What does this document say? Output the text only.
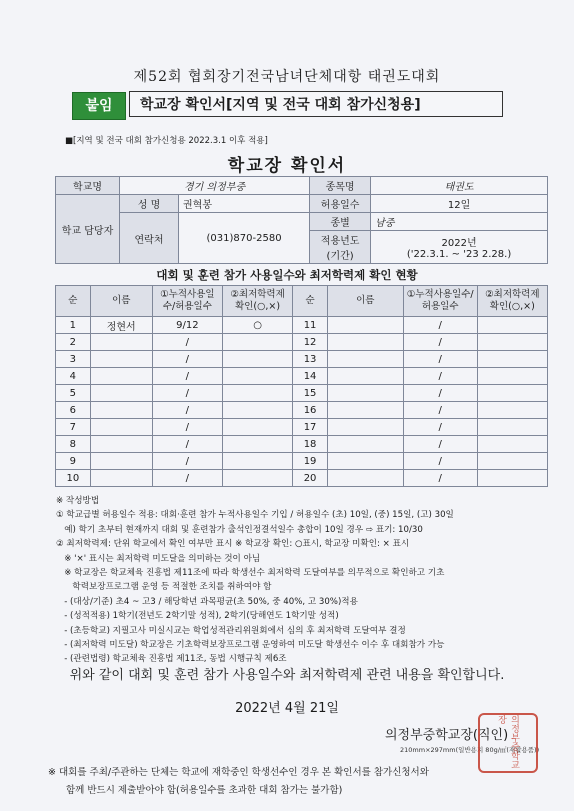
제52회 협회장기전국남녀단체대항 태권도대회
붙임	학교장 확인서[지역 및 전국 대회 참가신청용]
■[지역 및 전국 대회 참가신청용 2022.3.1 이후 적용]
학교장 확인서
학교명	경기 의정부중		종목명	태권도
학교 담당자	성 명	권혁봉	허용일수	12일
	연락처	(031)870-2580	종별	남중
			적용년도 (기간)	2022년
('22.3.1. ~ '23 2.28.)
대회 및 훈련 참가 사용일수와 최저학력제 확인 현황
순	이름	①누적사용일수/허용일수	②최저학력제 확인(○,×)	순	이름	①누적사용일수/허용일수	②최저학력제 확인(○,×)
1	정현서	9/12	○	11		/	
2		/		12		/	
3		/		13		/	
4		/		14		/	
5		/		15		/	
6		/		16		/	
7		/		17		/	
8		/		18		/	
9		/		19		/	
10		/		20		/	
※ 작성방법
① 학교급별 허용일수 적용: 대회·훈련 참가 누적사용일수 기입 / 허용일수 (초) 10일, (중) 15일, (고) 30일
예) 학기 초부터 현재까지 대회 및 훈련참가 출석인정결석일수 총합이 10일 경우 ⇨ 표기: 10/30
② 최저학력제: 단위 학교에서 확인 여부만 표시 ※ 학교장 확인: ○표시, 학교장 미확인: × 표시
※ '×' 표시는 최저학력 미도달을 의미하는 것이 아님
※ 학교장은 학교체육 진흥법 제11조에 따라 학생선수 최저학력 도달여부를 의무적으로 확인하고 기초
학력보장프로그램 운영 등 적절한 조치를 취하여야 함
- (대상/기준) 초4 ~ 고3 / 해당학년 과목평균(초 50%, 중 40%, 고 30%)적용
- (성적적용) 1학기(전년도 2학기말 성적), 2학기(당해연도 1학기말 성적)
- (초등학교) 지필고사 미실시교는 학업성적관리위원회에서 심의 후 최저학력 도달여부 결정
- (최저학력 미도달) 학교장은 기초학력보장프로그램 운영하여 미도달 학생선수 이수 후 대회참가 가능
- (관련법령) 학교체육 진흥법 제11조, 동법 시행규칙 제6조
위와 같이 대회 및 훈련 참가 사용일수와 최저학력제 관련 내용을 확인합니다.
2022년 4월 21일
의정부중학교장(직인)
210mm×297mm(일반용지 80g/㎡(재활용품))
의정부중학교장
※ 대회를 주최/주관하는 단체는 학교에 재학중인 학생선수인 경우 본 확인서를 참가신청서와
함께 반드시 제출받아야 함(허용일수를 초과한 대회 참가는 불가함)
